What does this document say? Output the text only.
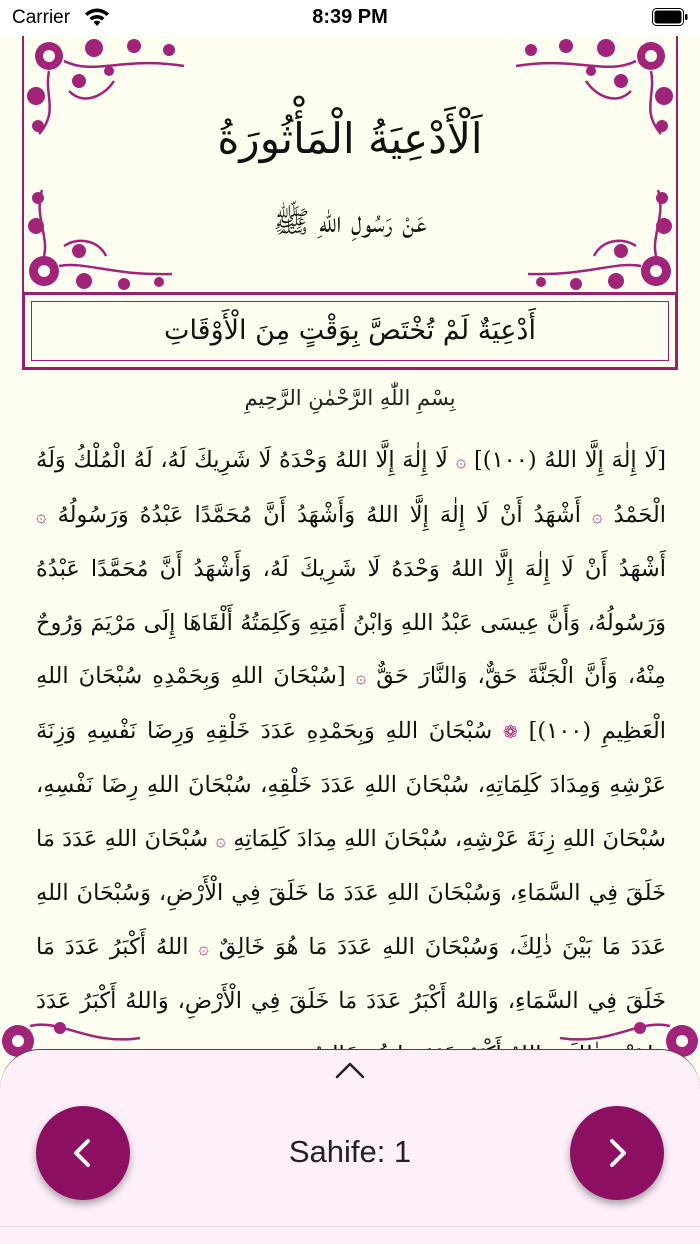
Carrier	8:39 PM
اَلْأَدْعِيَةُ الْمَأْثُورَةُ
عَنْ رَسُولِ اللهِ ﷺ
أَدْعِيَةٌ لَمْ تُخْتَصَّ بِوَقْتٍ مِنَ الْأَوْقَاتِ
بِسْمِ اللّٰهِ الرَّحْمٰنِ الرَّحِيمِ
[لَا إِلٰهَ إِلَّا اللهُ (١٠٠)] ۞ لَا إِلٰهَ إِلَّا اللهُ وَحْدَهُ لَا شَرِيكَ لَهُ، لَهُ الْمُلْكُ وَلَهُ الْحَمْدُ ۞ أَشْهَدُ أَنْ لَا إِلٰهَ إِلَّا اللهُ وَأَشْهَدُ أَنَّ مُحَمَّدًا عَبْدُهُ وَرَسُولُهُ ۞ أَشْهَدُ أَنْ لَا إِلٰهَ إِلَّا اللهُ وَحْدَهُ لَا شَرِيكَ لَهُ، وَأَشْهَدُ أَنَّ مُحَمَّدًا عَبْدُهُ وَرَسُولُهُ، وَأَنَّ عِيسَى عَبْدُ اللهِ وَابْنُ أَمَتِهِ وَكَلِمَتُهُ أَلْقَاهَا إِلَى مَرْيَمَ وَرُوحٌ مِنْهُ، وَأَنَّ الْجَنَّةَ حَقٌّ، وَالنَّارَ حَقٌّ ۞ [سُبْحَانَ اللهِ وَبِحَمْدِهِ سُبْحَانَ اللهِ الْعَظِيمِ (١٠٠)] ❁ سُبْحَانَ اللهِ وَبِحَمْدِهِ عَدَدَ خَلْقِهِ وَرِضَا نَفْسِهِ وَزِنَةَ عَرْشِهِ وَمِدَادَ كَلِمَاتِهِ، سُبْحَانَ اللهِ عَدَدَ خَلْقِهِ، سُبْحَانَ اللهِ رِضَا نَفْسِهِ، سُبْحَانَ اللهِ زِنَةَ عَرْشِهِ، سُبْحَانَ اللهِ مِدَادَ كَلِمَاتِهِ ۞ سُبْحَانَ اللهِ عَدَدَ مَا خَلَقَ فِي السَّمَاءِ، وَسُبْحَانَ اللهِ عَدَدَ مَا خَلَقَ فِي الْأَرْضِ، وَسُبْحَانَ اللهِ عَدَدَ مَا بَيْنَ ذٰلِكَ، وَسُبْحَانَ اللهِ عَدَدَ مَا هُوَ خَالِقٌ ۞ اللهُ أَكْبَرُ عَدَدَ مَا خَلَقَ فِي السَّمَاءِ، وَاللهُ أَكْبَرُ عَدَدَ مَا خَلَقَ فِي الْأَرْضِ، وَاللهُ أَكْبَرُ عَدَدَ
Sahife: 1
